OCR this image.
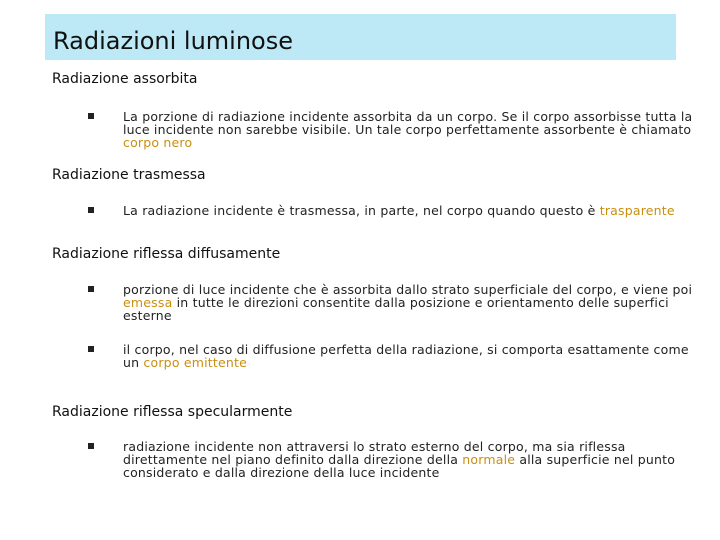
Radiazioni luminose
Radiazione assorbita
La porzione di radiazione incidente assorbita da un corpo. Se il corpo assorbisse tutta la luce incidente non sarebbe visibile. Un tale corpo perfettamente assorbente è chiamato corpo nero
Radiazione trasmessa
La radiazione incidente è trasmessa, in parte, nel corpo quando questo è trasparente
Radiazione riflessa diffusamente
porzione di luce incidente che è assorbita dallo strato superficiale del corpo, e viene poi emessa in tutte le direzioni consentite dalla posizione e orientamento delle superfici esterne
il corpo, nel caso di diffusione perfetta della radiazione, si comporta esattamente come un corpo emittente
Radiazione riflessa specularmente
radiazione incidente non attraversi lo strato esterno del corpo, ma sia riflessa direttamente nel piano definito dalla direzione della normale alla superficie nel punto considerato e dalla direzione della luce incidente
